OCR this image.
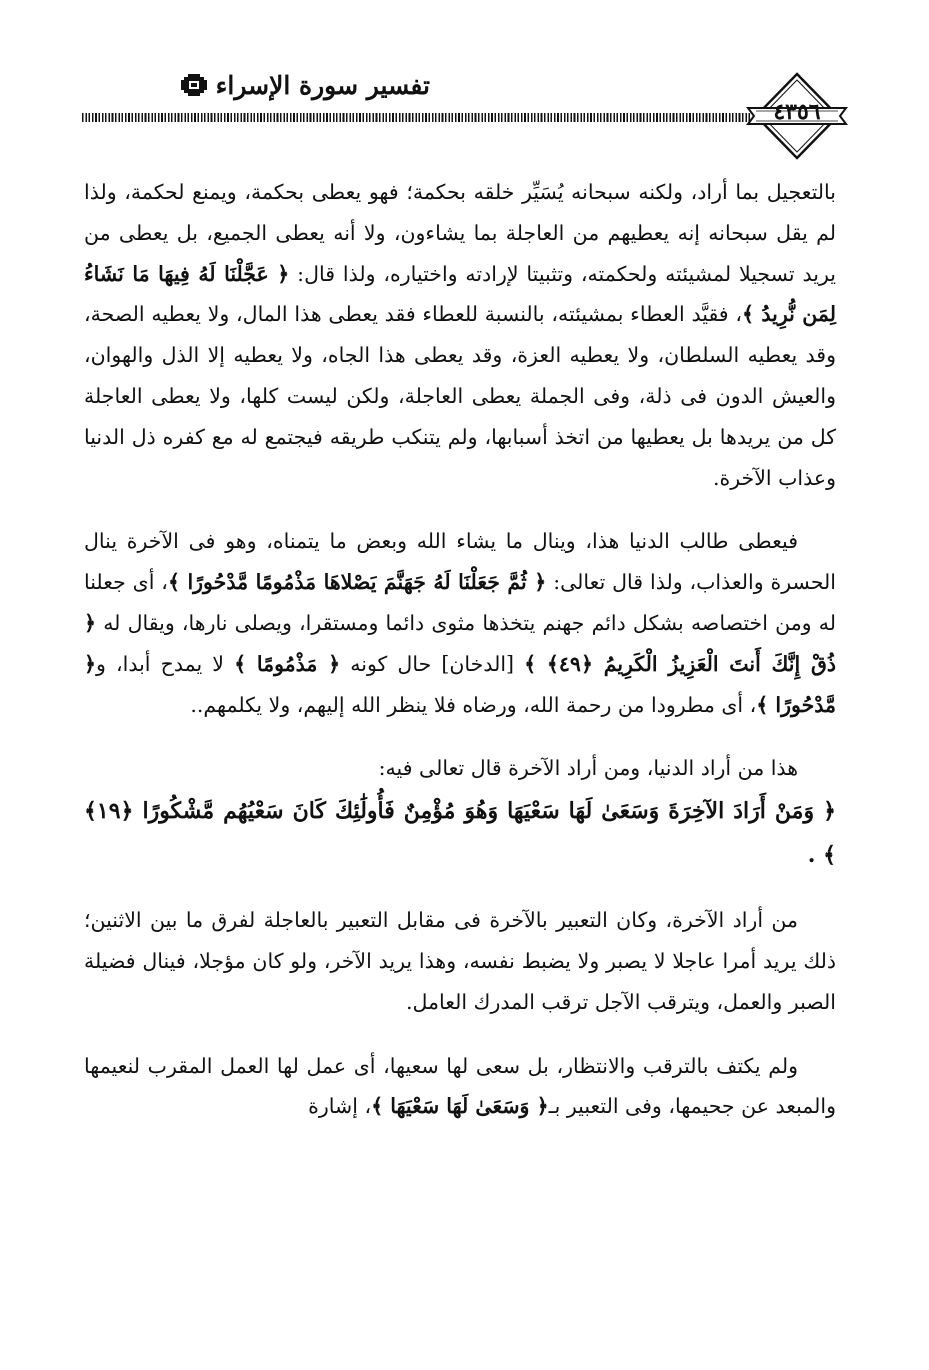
تفسير سورة الإسراء
٤٣٥٦

بالتعجيل بما أراد، ولكنه سبحانه يُسَيِّر خلقه بحكمة؛ فهو يعطى بحكمة، ويمنع لحكمة، ولذا لم يقل سبحانه إنه يعطيهم من العاجلة بما يشاءون، ولا أنه يعطى الجميع، بل يعطى من يريد تسجيلا لمشيئته ولحكمته، وتثبيتا لإرادته واختياره، ولذا قال: ﴿ عَجَّلْنَا لَهُ فِيهَا مَا نَشَاءُ لِمَن نُّرِيدُ ﴾، فقيَّد العطاء بمشيئته، بالنسبة للعطاء فقد يعطى هذا المال، ولا يعطيه الصحة، وقد يعطيه السلطان، ولا يعطيه العزة، وقد يعطى هذا الجاه، ولا يعطيه إلا الذل والهوان، والعيش الدون فى ذلة، وفى الجملة يعطى العاجلة، ولكن ليست كلها، ولا يعطى العاجلة كل من يريدها بل يعطيها من اتخذ أسبابها، ولم يتنكب طريقه فيجتمع له مع كفره ذل الدنيا وعذاب الآخرة.

فيعطى طالب الدنيا هذا، وينال ما يشاء الله وبعض ما يتمناه، وهو فى الآخرة ينال الحسرة والعذاب، ولذا قال تعالى: ﴿ ثُمَّ جَعَلْنَا لَهُ جَهَنَّمَ يَصْلاهَا مَذْمُومًا مَّدْحُورًا ﴾، أى جعلنا له ومن اختصاصه بشكل دائم جهنم يتخذها مثوى دائما ومستقرا، ويصلى نارها، ويقال له ﴿ ذُقْ إِنَّكَ أَنتَ الْعَزِيزُ الْكَرِيمُ ﴿٤٩﴾ ﴾ [الدخان] حال كونه ﴿ مَذْمُومًا ﴾ لا يمدح أبدا، و﴿ مَّدْحُورًا ﴾، أى مطرودا من رحمة الله، ورضاه فلا ينظر الله إليهم، ولا يكلمهم..

هذا من أراد الدنيا، ومن أراد الآخرة قال تعالى فيه:

﴿ وَمَنْ أَرَادَ الآخِرَةَ وَسَعَىٰ لَهَا سَعْيَهَا وَهُوَ مُؤْمِنٌ فَأُولَٰئِكَ كَانَ سَعْيُهُم مَّشْكُورًا ﴿١٩﴾ ﴾ .

من أراد الآخرة، وكان التعبير بالآخرة فى مقابل التعبير بالعاجلة لفرق ما بين الاثنين؛ ذلك يريد أمرا عاجلا لا يصبر ولا يضبط نفسه، وهذا يريد الآخر، ولو كان مؤجلا، فينال فضيلة الصبر والعمل، ويترقب الآجل ترقب المدرك العامل.

ولم يكتف بالترقب والانتظار، بل سعى لها سعيها، أى عمل لها العمل المقرب لنعيمها والمبعد عن جحيمها، وفى التعبير بـ﴿ وَسَعَىٰ لَهَا سَعْيَهَا ﴾، إشارة
